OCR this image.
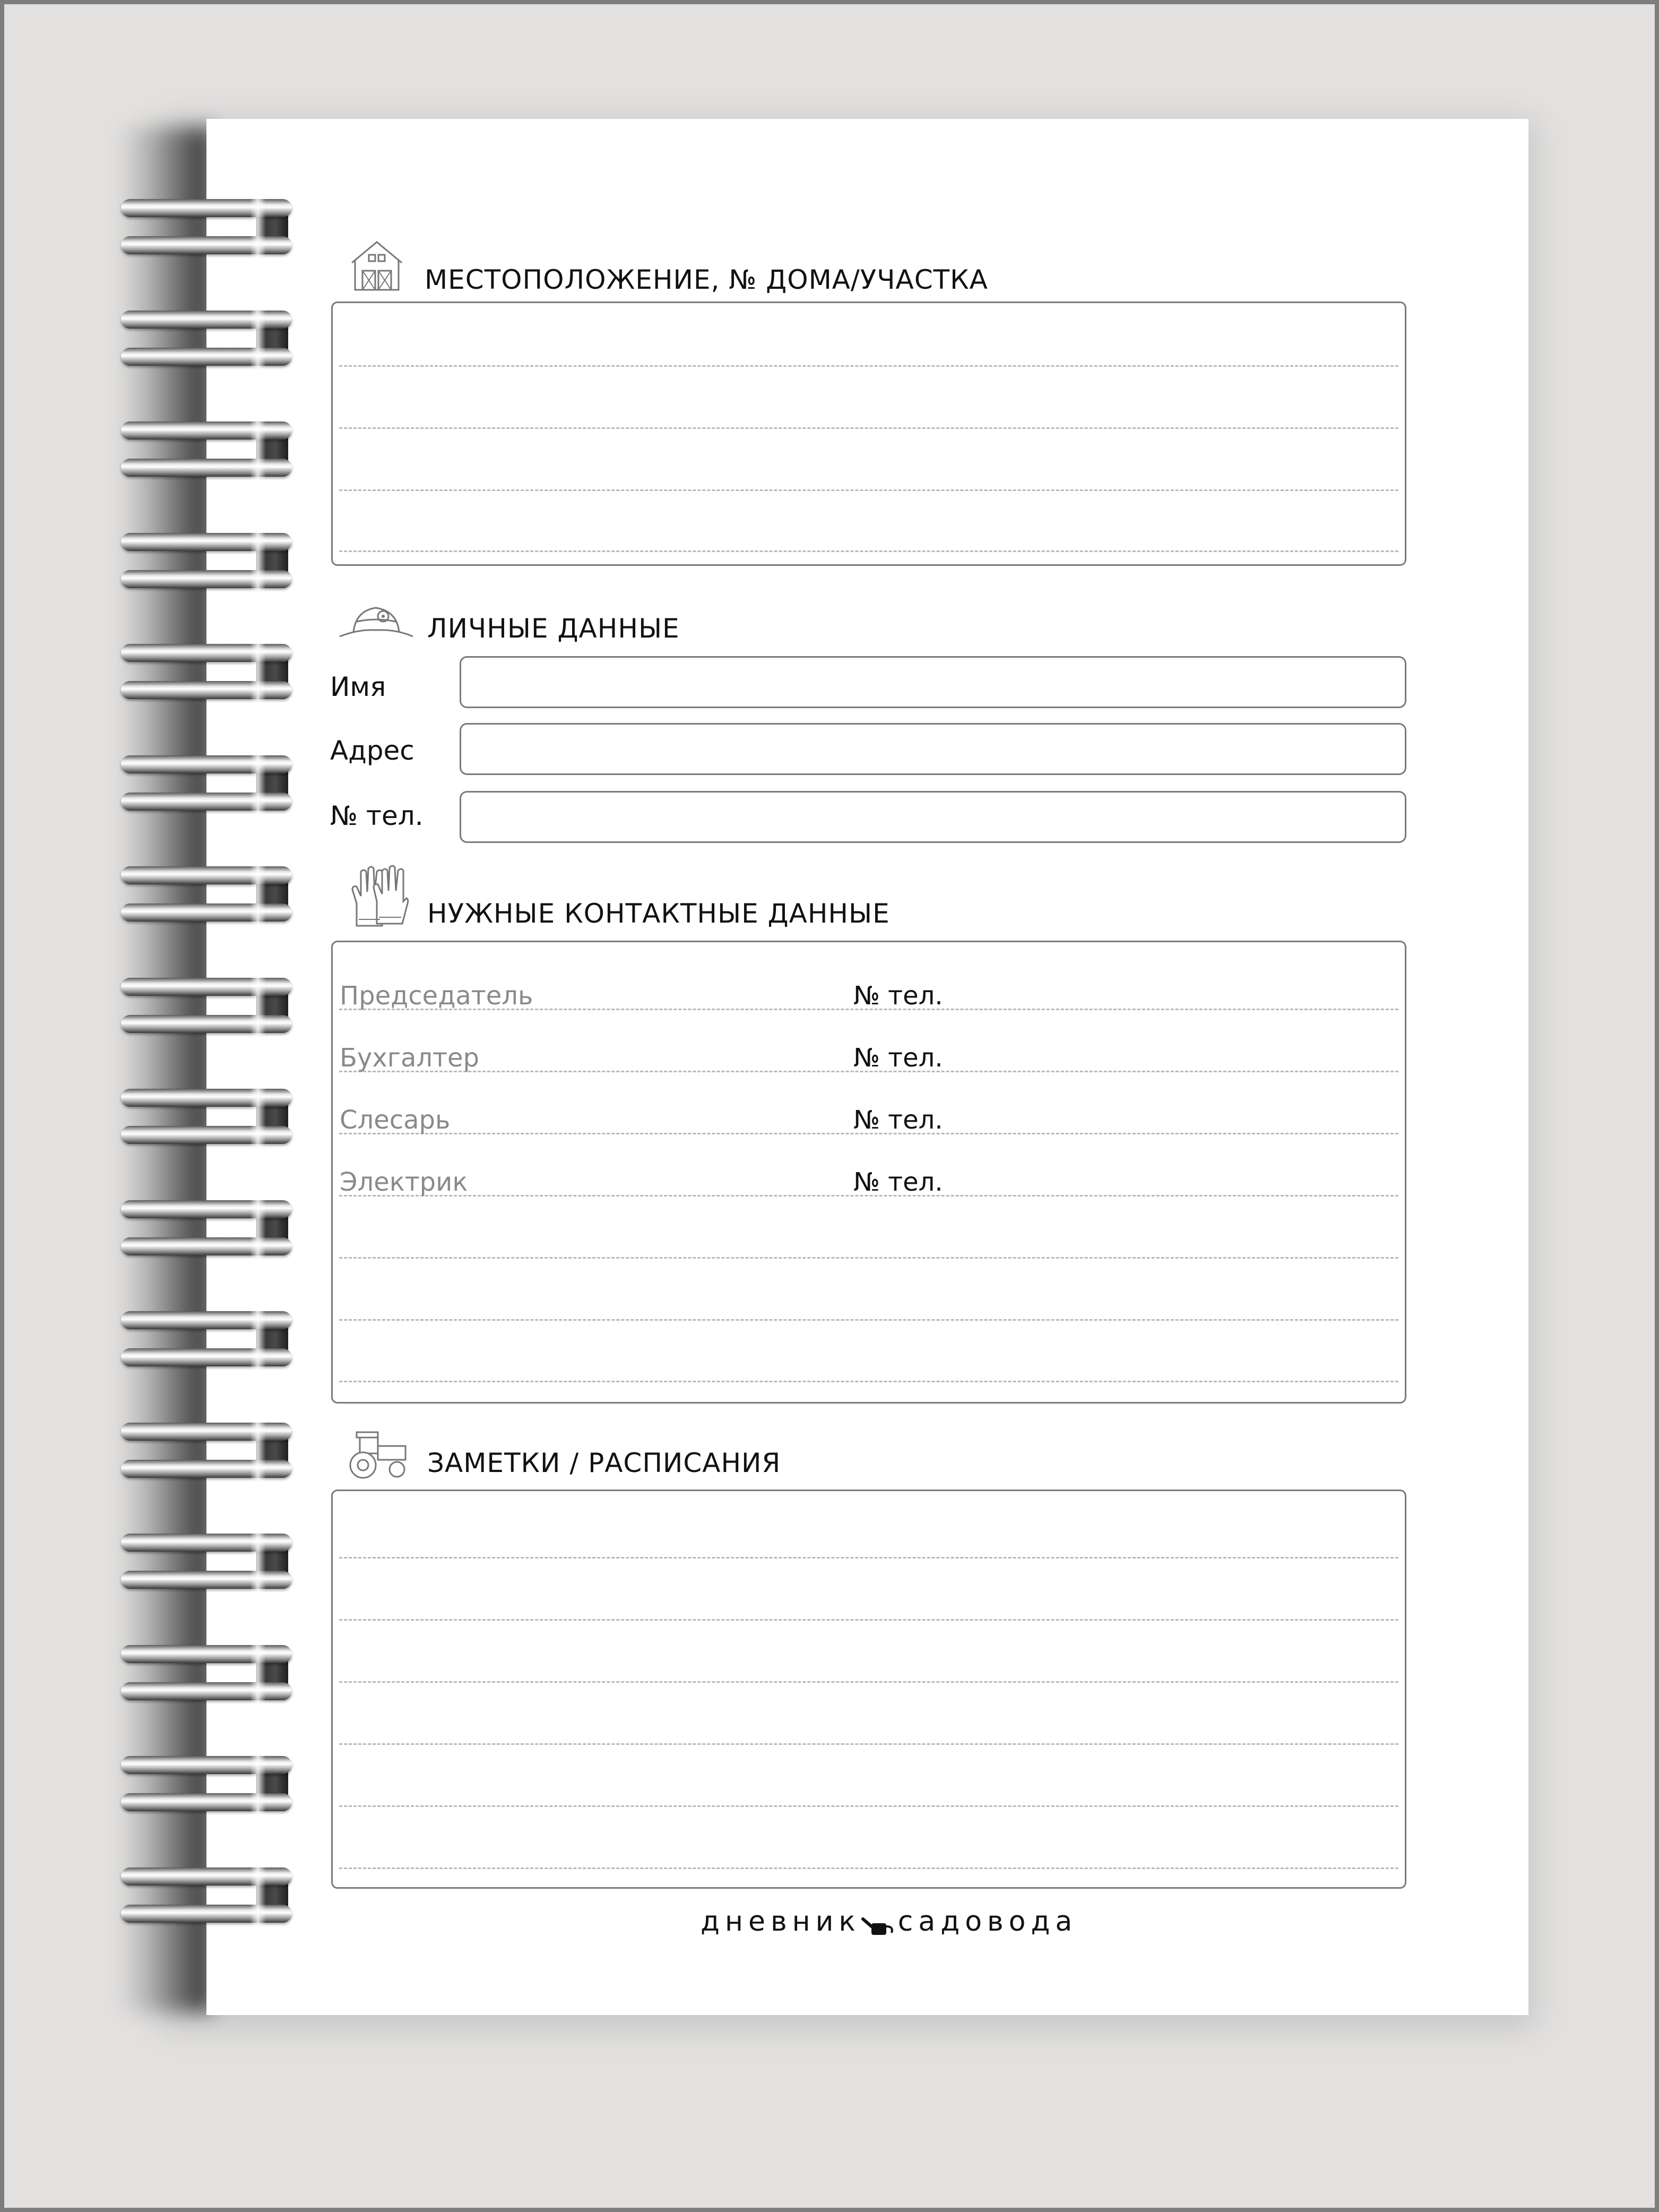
МЕСТОПОЛОЖЕНИЕ, № ДОМА/УЧАСТКА
ЛИЧНЫЕ ДАННЫЕ
Имя
Адрес
№ тел.
НУЖНЫЕ КОНТАКТНЫЕ ДАННЫЕ
Председатель	№ тел.
Бухгалтер	№ тел.
Слесарь	№ тел.
Электрик	№ тел.
ЗАМЕТКИ / РАСПИСАНИЯ
дневник садовода
